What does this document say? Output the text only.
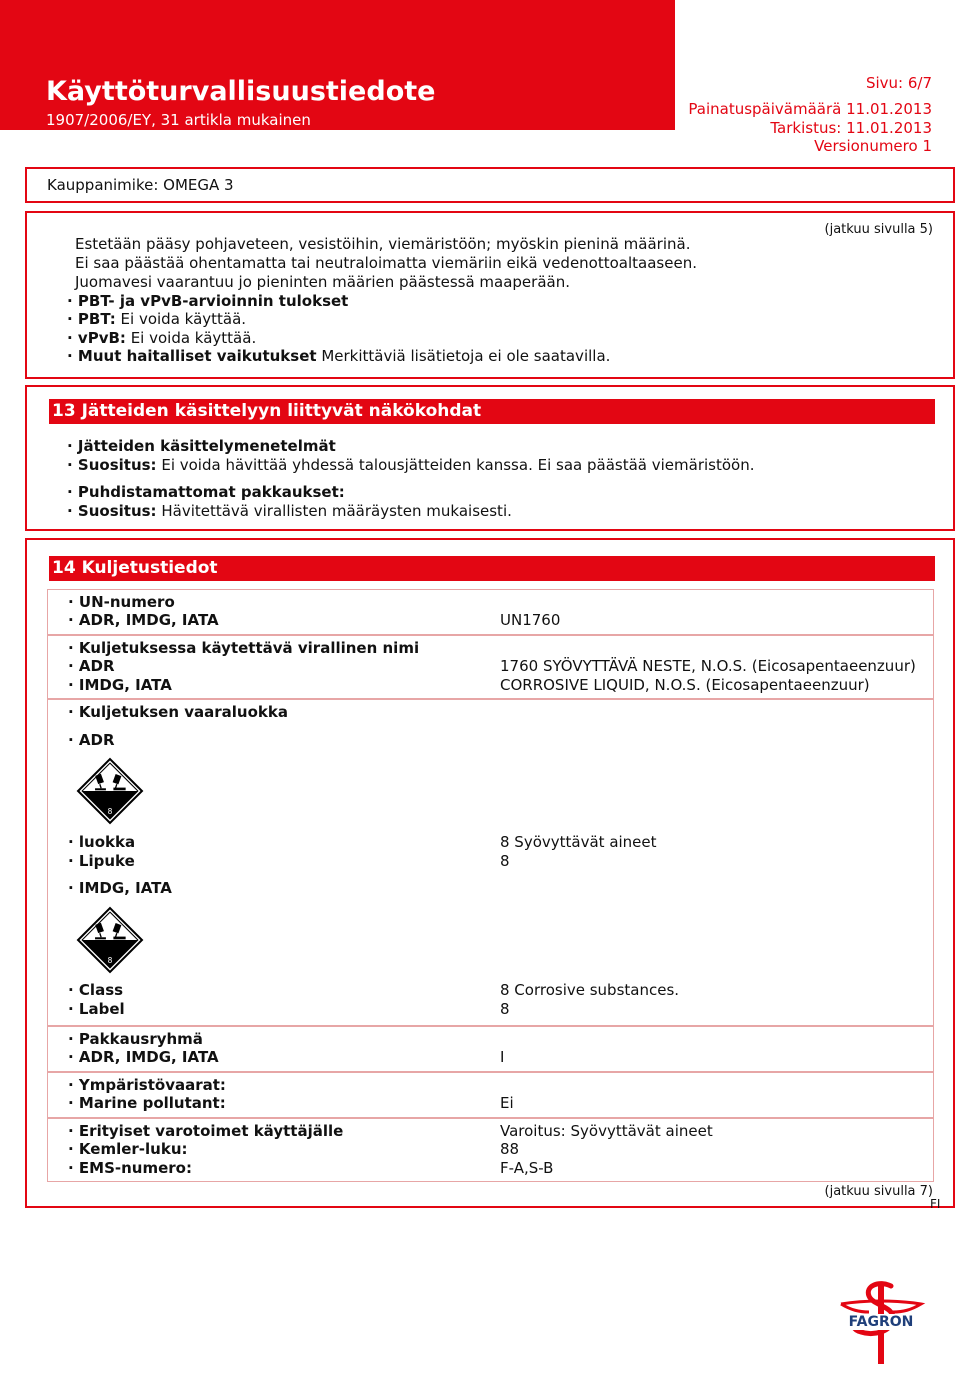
Käyttöturvallisuustiedote
1907/2006/EY, 31 artikla mukainen
Sivu: 6/7
Painatuspäivämäärä 11.01.2013
Tarkistus: 11.01.2013
Versionumero 1
Kauppanimike: OMEGA 3
(jatkuu sivulla 5)
Estetään pääsy pohjaveteen, vesistöihin, viemäristöön; myöskin pieninä määrinä.
Ei saa päästää ohentamatta tai neutraloimatta viemäriin eikä vedenottoaltaaseen.
Juomavesi vaarantuu jo pieninten määrien päästessä maaperään.
· PBT- ja vPvB-arvioinnin tulokset
· PBT: Ei voida käyttää.
· vPvB: Ei voida käyttää.
· Muut haitalliset vaikutukset Merkittäviä lisätietoja ei ole saatavilla.
13 Jätteiden käsittelyyn liittyvät näkökohdat
· Jätteiden käsittelymenetelmät
· Suositus: Ei voida hävittää yhdessä talousjätteiden kanssa. Ei saa päästää viemäristöön.
· Puhdistamattomat pakkaukset:
· Suositus: Hävitettävä virallisten määräysten mukaisesti.
14 Kuljetustiedot
· UN-numero
· ADR, IMDG, IATA	UN1760
· Kuljetuksessa käytettävä virallinen nimi
· ADR	1760 SYÖVYTTÄVÄ NESTE, N.O.S. (Eicosapentaeenzuur)
· IMDG, IATA	CORROSIVE LIQUID, N.O.S. (Eicosapentaeenzuur)
· Kuljetuksen vaaraluokka
· ADR
8
· luokka	8 Syövyttävät aineet
· Lipuke	8
· IMDG, IATA
8
· Class	8 Corrosive substances.
· Label	8
· Pakkausryhmä
· ADR, IMDG, IATA	I
· Ympäristövaarat:
· Marine pollutant:	Ei
· Erityiset varotoimet käyttäjälle	Varoitus: Syövyttävät aineet
· Kemler-luku:	88
· EMS-numero:	F-A,S-B
(jatkuu sivulla 7)
FI
FAGRON
